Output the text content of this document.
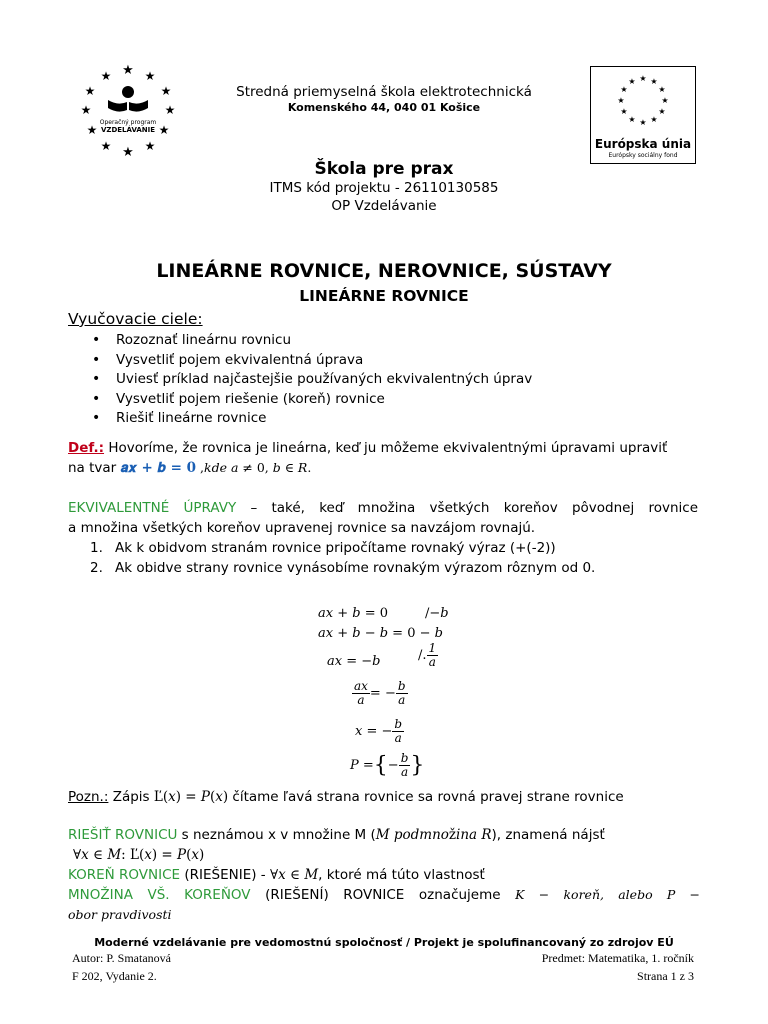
★
★	★
★	★
★	★
★	★
★	★
★
Operačný program
VZDELÁVANIE
Stredná priemyselná škola elektrotechnická
Komenského 44, 040 01 Košice
★ ★
★
★
★
★
★
★
★
★
★
★
Európska únia
Európsky sociálny fond
Škola pre prax
ITMS kód projektu - 26110130585
OP Vzdelávanie
LINEÁRNE ROVNICE, NEROVNICE, SÚSTAVY
LINEÁRNE ROVNICE
Vyučovacie ciele:
• Rozoznať lineárnu rovnicu
• Vysvetliť pojem ekvivalentná úprava
• Uviesť príklad najčastejšie používaných ekvivalentných úprav
• Vysvetliť pojem riešenie (koreň) rovnice
• Riešiť lineárne rovnice
Def.: Hovoríme, že rovnica je lineárna, keď ju môžeme ekvivalentnými úpravami upraviť
na tvar 𝒂𝒙 + 𝒃 = 𝟎 ,𝑘𝑑𝑒 𝑎 ≠ 0, 𝑏 ∈ 𝑅.
EKVIVALENTNÉ ÚPRAVY – také, keď množina všetkých koreňov pôvodnej rovnice
a množina všetkých koreňov upravenej rovnice sa navzájom rovnajú.
1. Ak k obidvom stranám rovnice pripočítame rovnaký výraz (+(-2))
2. Ak obidve strany rovnice vynásobíme rovnakým výrazom rôznym od 0.
𝑎𝑥 + 𝑏 = 0	/−𝑏
𝑎𝑥 + 𝑏 − 𝑏 = 0 − 𝑏
𝑎𝑥 = −𝑏	/. $\frac{1}{\text{𝑎}}$
$\frac{\text{𝑎𝑥}}{\text{𝑎}}$ = − $\frac{\text{𝑏}}{\text{𝑎}}$
𝑥 = − $\frac{\text{𝑏}}{\text{𝑎}}$
𝑃 = { − $\frac{\text{𝑏}}{\text{𝑎}}$ }
Pozn.: Zápis Ľ(𝑥) = 𝑃(𝑥) čítame ľavá strana rovnice sa rovná pravej strane rovnice
RIEŠIŤ ROVNICU s neznámou x v množine M (𝑀 𝑝𝑜𝑑𝑚𝑛𝑜ž𝑖𝑛𝑎 𝑅), znamená nájsť
∀𝑥 ∈ 𝑀: Ľ(𝑥) = 𝑃(𝑥)
KOREŇ ROVNICE (RIEŠENIE) - ∀𝑥 ∈ 𝑀, ktoré má túto vlastnosť
MNOŽINA VŠ. KOREŇOV (RIEŠENÍ) ROVNICE označujeme 𝐾 − 𝑘𝑜𝑟𝑒ň, 𝑎𝑙𝑒𝑏𝑜 𝑃 −
𝑜𝑏𝑜𝑟 𝑝𝑟𝑎𝑣𝑑𝑖𝑣𝑜𝑠𝑡𝑖
Moderné vzdelávanie pre vedomostnú spoločnosť / Projekt je spolufinancovaný zo zdrojov EÚ
Autor: P. Smatanová	Predmet: Matematika, 1. ročník
F 202, Vydanie 2.	Strana 1 z 3
